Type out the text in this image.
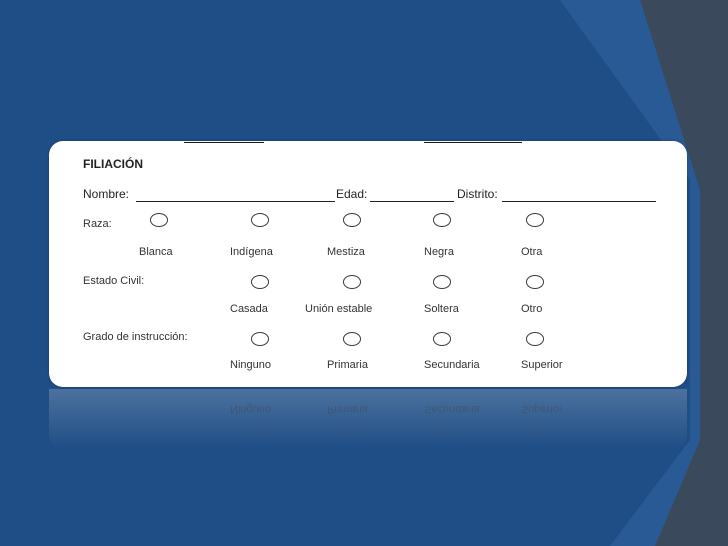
Ninguno	Primaria	Secundaria	Superior
FILIACIÓN
Nombre:	Edad:	Distrito:
Raza:
Blanca	Indígena	Mestiza	Negra	Otra
Estado Civil:
Casada	Unión estable	Soltera	Otro
Grado de instrucción:
Ninguno	Primaria	Secundaria	Superior
